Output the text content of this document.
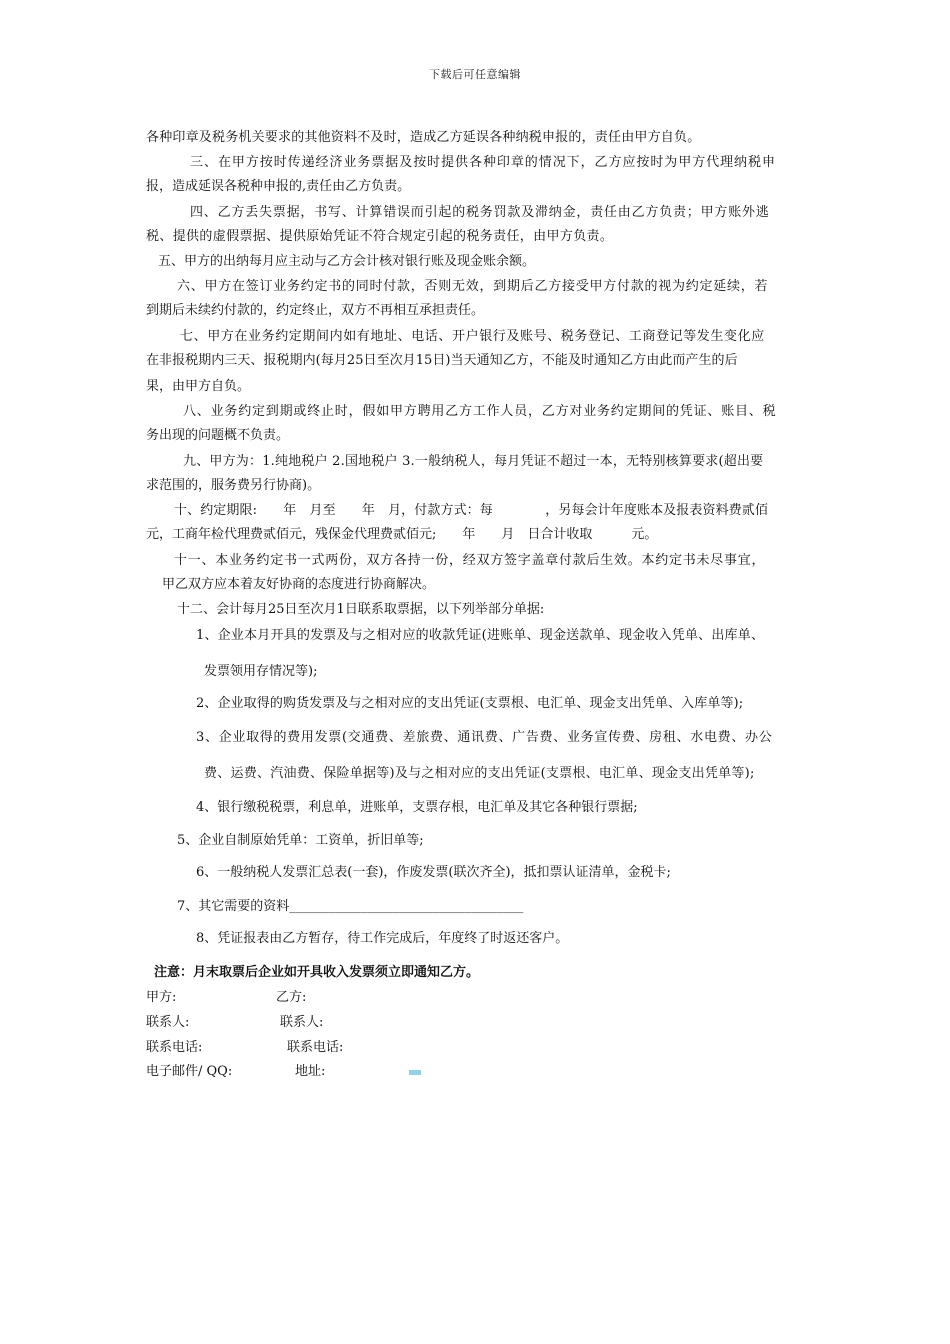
下载后可任意编辑
各种印章及税务机关要求的其他资料不及时，造成乙方延误各种纳税申报的，责任由甲方自负。
三、在甲方按时传递经济业务票据及按时提供各种印章的情况下，乙方应按时为甲方代理纳税申
报，造成延误各税种申报的,责任由乙方负责。
四、乙方丢失票据，书写、计算错误而引起的税务罚款及滞纳金，责任由乙方负责；甲方账外逃
税、提供的虚假票据、提供原始凭证不符合规定引起的税务责任，由甲方负责。
五、甲方的出纳每月应主动与乙方会计核对银行账及现金账余额。
六、甲方在签订业务约定书的同时付款，否则无效，到期后乙方接受甲方付款的视为约定延续，若
到期后未续约付款的，约定终止，双方不再相互承担责任。
七、甲方在业务约定期间内如有地址、电话、开户银行及账号、税务登记、工商登记等发生变化应
在非报税期内三天、报税期内(每月25日至次月15日)当天通知乙方，不能及时通知乙方由此而产生的后
果，由甲方自负。
八、业务约定到期或终止时，假如甲方聘用乙方工作人员，乙方对业务约定期间的凭证、账目、税
务出现的问题概不负责。
九、甲方为：1.纯地税户 2.国地税户 3.一般纳税人，每月凭证不超过一本，无特别核算要求(超出要
求范围的，服务费另行协商)。
十、约定期限:　　年　月至　　年　月，付款方式：每　　　　，另每会计年度账本及报表资料费贰佰
元，工商年检代理费贰佰元，残保金代理费贰佰元;　　年　　月　日合计收取　　　元。
十一、本业务约定书一式两份，双方各持一份，经双方签字盖章付款后生效。本约定书未尽事宜，
甲乙双方应本着友好协商的态度进行协商解决。
十二、会计每月25日至次月1日联系取票据，以下列举部分单据:
1、企业本月开具的发票及与之相对应的收款凭证(进账单、现金送款单、现金收入凭单、出库单、
发票领用存情况等);
2、企业取得的购货发票及与之相对应的支出凭证(支票根、电汇单、现金支出凭单、入库单等);
3、企业取得的费用发票(交通费、差旅费、通讯费、广告费、业务宣传费、房租、水电费、办公
费、运费、汽油费、保险单据等)及与之相对应的支出凭证(支票根、电汇单、现金支出凭单等);
4、银行缴税税票，利息单，进账单，支票存根，电汇单及其它各种银行票据;
5、企业自制原始凭单：工资单，折旧单等;
6、一般纳税人发票汇总表(一套)，作废发票(联次齐全)，抵扣票认证清单，金税卡;
7、其它需要的资料____________________________________
8、凭证报表由乙方暂存，待工作完成后，年度终了时返还客户。
注意：月末取票后企业如开具收入发票须立即通知乙方。
甲方:	乙方:
联系人:	联系人:
联系电话:	联系电话:
电子邮件/ QQ:	地址:
